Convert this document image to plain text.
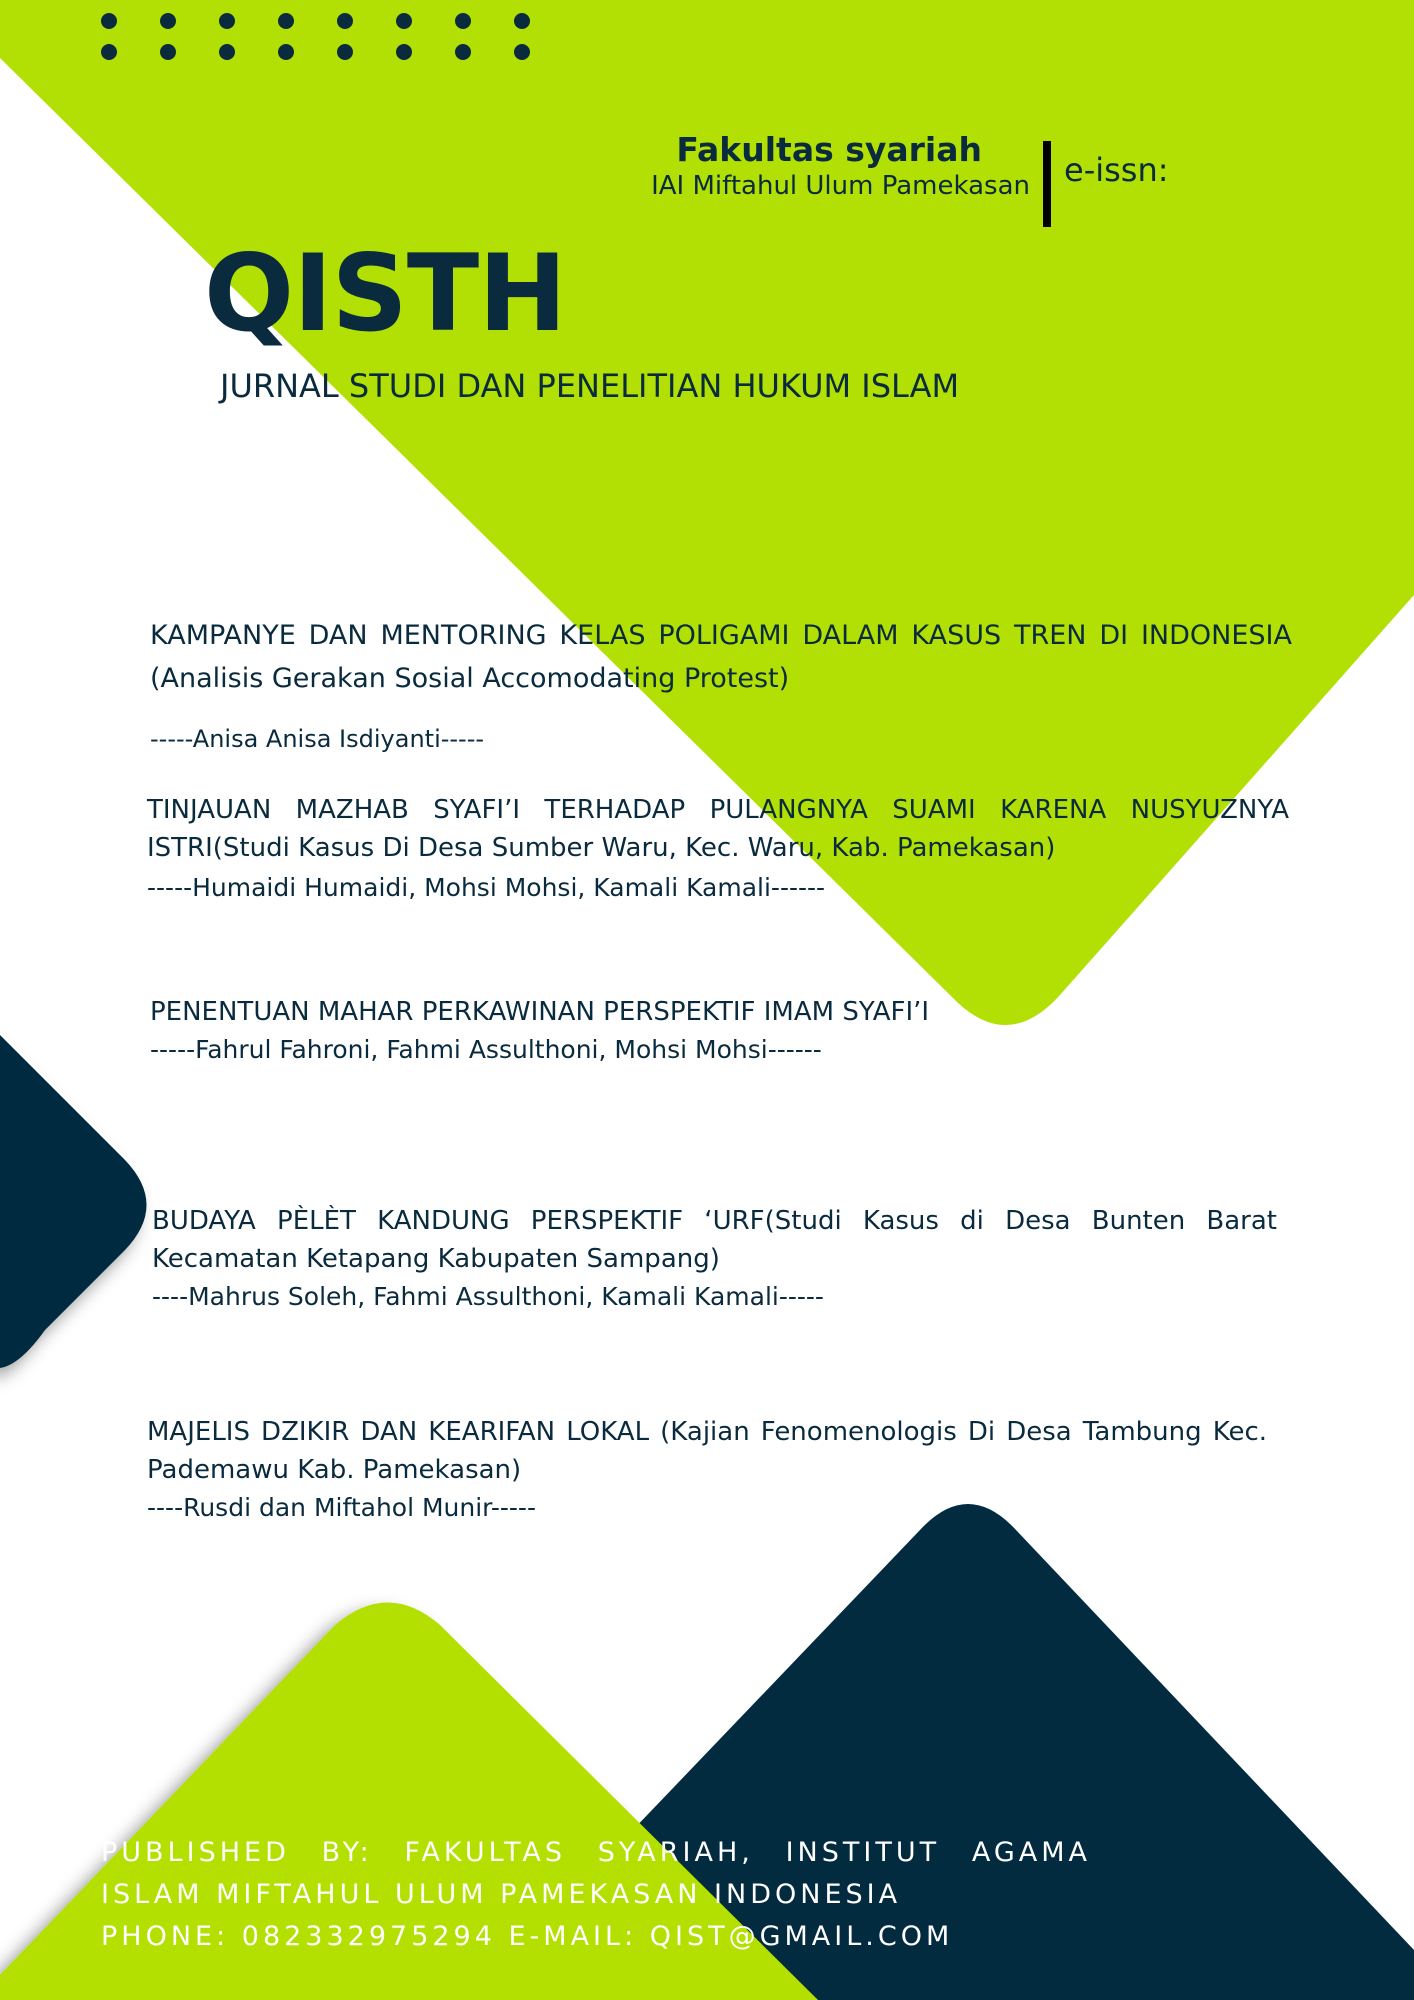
Fakultas syariah
IAI Miftahul Ulum Pamekasan e-issn:
QISTH
JURNAL STUDI DAN PENELITIAN HUKUM ISLAM
KAMPANYE DAN MENTORING KELAS POLIGAMI DALAM KASUS TREN DI INDONESIA (Analisis Gerakan Sosial Accomodating Protest)
-----Anisa Anisa Isdiyanti-----
TINJAUAN MAZHAB SYAFI’I TERHADAP PULANGNYA SUAMI KARENA NUSYUZNYA ISTRI(Studi Kasus Di Desa Sumber Waru, Kec. Waru, Kab. Pamekasan)
-----Humaidi Humaidi, Mohsi Mohsi, Kamali Kamali------
PENENTUAN MAHAR PERKAWINAN PERSPEKTIF IMAM SYAFI’I
-----Fahrul Fahroni, Fahmi Assulthoni, Mohsi Mohsi------
BUDAYA PÈLÈT KANDUNG PERSPEKTIF ‘URF(Studi Kasus di Desa Bunten Barat Kecamatan Ketapang Kabupaten Sampang)
----Mahrus Soleh, Fahmi Assulthoni, Kamali Kamali-----
MAJELIS DZIKIR DAN KEARIFAN LOKAL (Kajian Fenomenologis Di Desa Tambung Kec. Pademawu Kab. Pamekasan)
----Rusdi dan Miftahol Munir-----
PUBLISHED BY: FAKULTAS SYARIAH, INSTITUT AGAMA
ISLAM MIFTAHUL ULUM PAMEKASAN INDONESIA
PHONE: 082332975294 E-MAIL: QIST@GMAIL.COM
